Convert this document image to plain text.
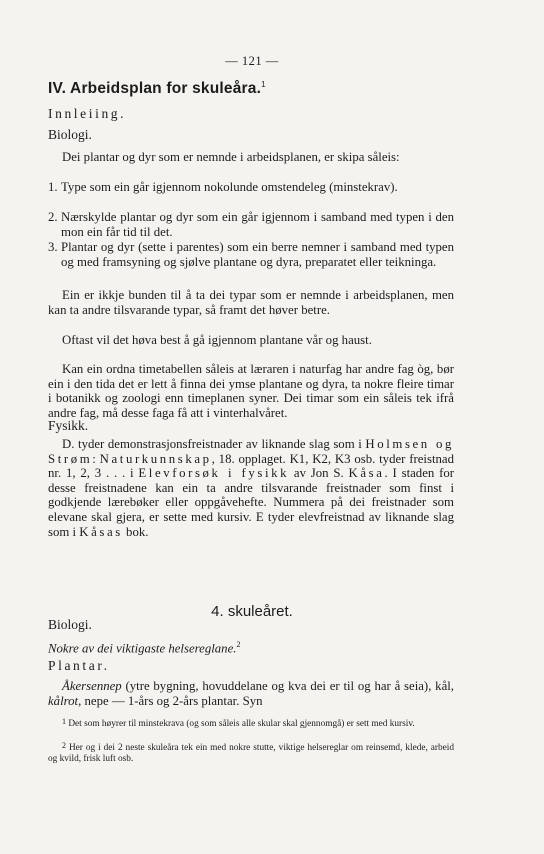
— 121 —
IV. Arbeidsplan for skuleåra.$^1$
Innleiing.
Biologi.
Dei plantar og dyr som er nemnde i arbeidsplanen, er skipa såleis:
1. Type som ein går igjennom nokolunde omstendeleg (minstekrav).
2. Nærskylde plantar og dyr som ein går igjennom i samband med typen i den mon ein får tid til det.
3. Plantar og dyr (sette i parentes) som ein berre nemner i samband med typen og med framsyning og sjølve plantane og dyra, preparatet eller teikninga.
Ein er ikkje bunden til å ta dei typar som er nemnde i arbeidsplanen, men kan ta andre tilsvarande typar, så framt det høver betre.
Oftast vil det høva best å gå igjennom plantane vår og haust.
Kan ein ordna timetabellen såleis at læraren i naturfag har andre fag òg, bør ein i den tida det er lett å finna dei ymse plantane og dyra, ta nokre fleire timar i botanikk og zoologi enn timeplanen syner. Dei timar som ein såleis tek ifrå andre fag, må desse faga få att i vinterhalvåret.
Fysikk.
D. tyder demonstrasjonsfreistnader av liknande slag som i Holmsen og Strøm: Naturkunnskap, 18. opplaget. K1, K2, K3 osb. tyder freistnad nr. 1, 2, 3 . . . i Elevforsøk i fysikk av Jon S. Kåsa. I staden for desse freistnadene kan ein ta andre tilsvarande freistnader som finst i godkjende lærebøker eller oppgåvehefte. Nummera på dei freistnader som elevane skal gjera, er sette med kursiv. E tyder elevfreistnad av liknande slag som i Kåsas bok.
4. skuleåret.
Biologi.
Nokre av dei viktigaste helsereglane.$^2$
Plantar.
Åkersennep (ytre bygning, hovuddelane og kva dei er til og har å seia), kål, kålrot, nepe — 1-års og 2-års plantar. Syn
1 Det som høyrer til minstekrava (og som såleis alle skular skal gjennomgå) er sett med kursiv.
2 Her og i dei 2 neste skuleåra tek ein med nokre stutte, viktige helsereglar om reinsemd, klede, arbeid og kvild, frisk luft osb.
